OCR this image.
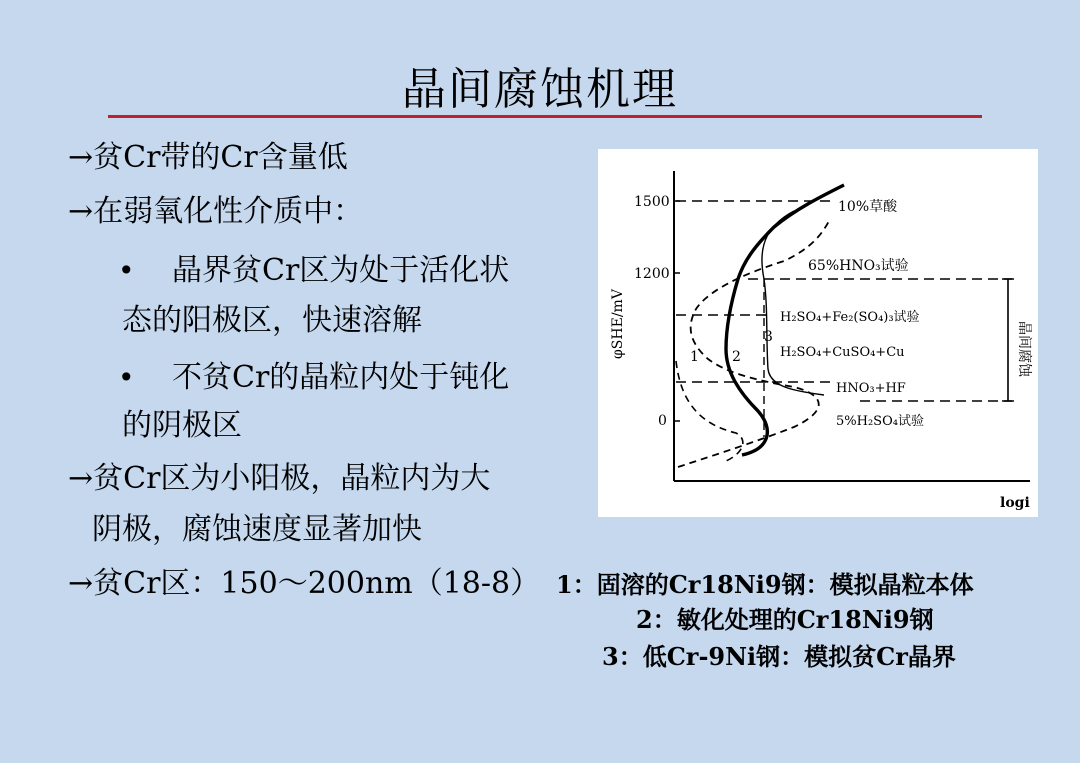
晶间腐蚀机理
→贫Cr带的Cr含量低
→在弱氧化性介质中：
• 晶界贫Cr区为处于活化状
态的阳极区，快速溶解
• 不贫Cr的晶粒内处于钝化
的阴极区
→贫Cr区为小阳极，晶粒内为大
阴极，腐蚀速度显著加快
→贫Cr区：150～200nm（18-8） 1：固溶的Cr18Ni9钢：模拟晶粒本体
2：敏化处理的Cr18Ni9钢
3：低Cr-9Ni钢：模拟贫Cr晶界
1500
1200
0
φSHE/mV
logi
1 2
3
10%草酸
65%HNO₃试验
H₂SO₄+Fe₂(SO₄)₃试验
H₂SO₄+CuSO₄+Cu
HNO₃+HF
5%H₂SO₄试验
晶间腐蚀
